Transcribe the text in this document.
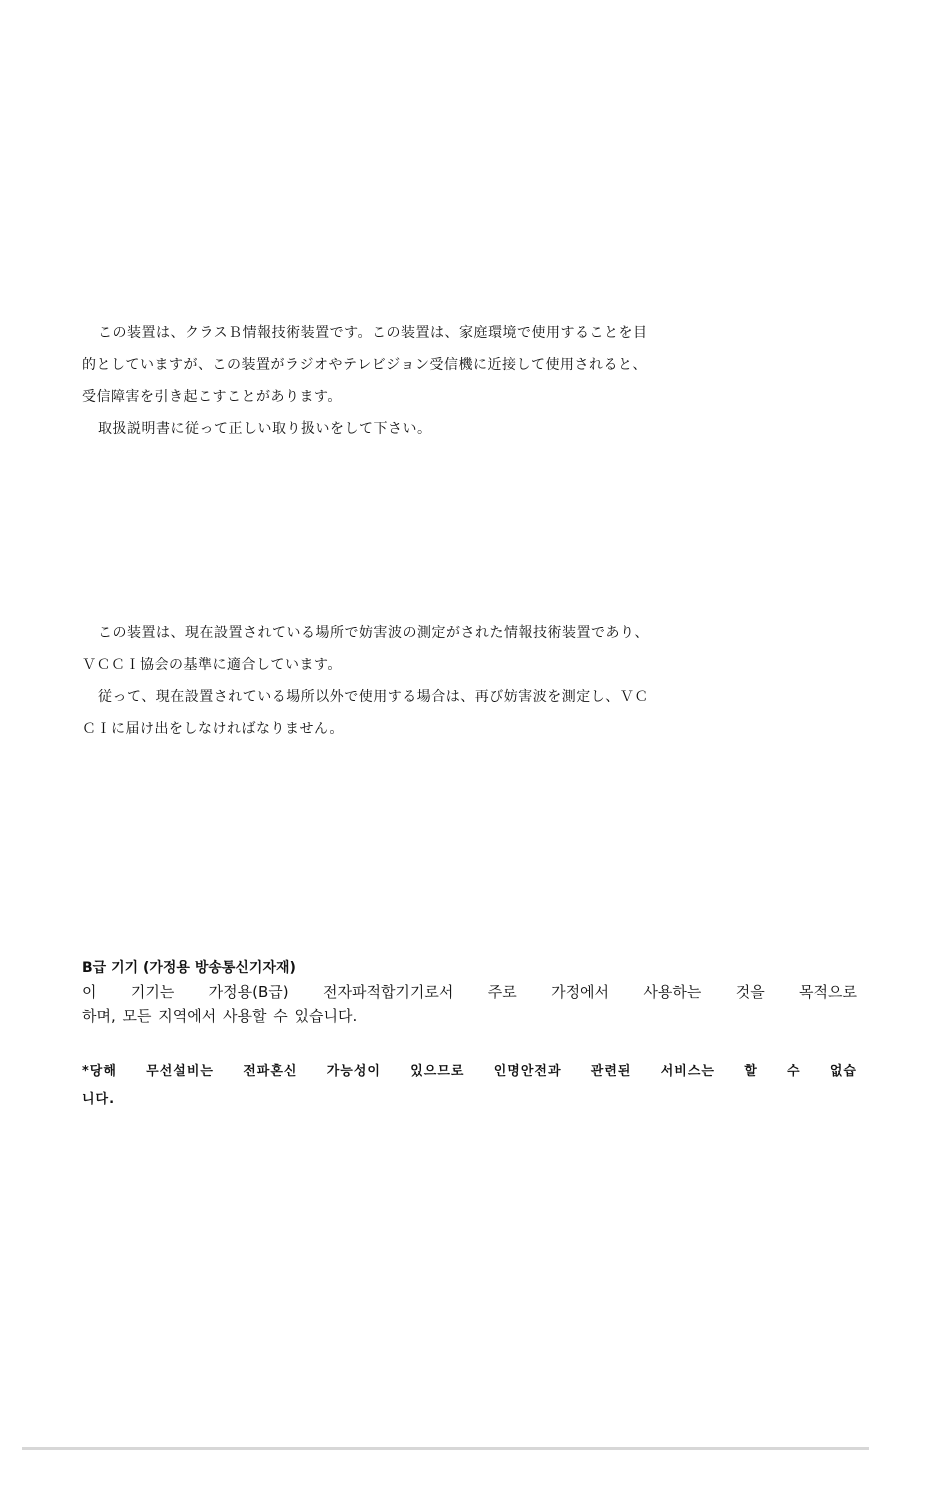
この装置は、クラスＢ情報技術装置です。この装置は、家庭環境で使用することを目
的としていますが、この装置がラジオやテレビジョン受信機に近接して使用されると、
受信障害を引き起こすことがあります。
取扱説明書に従って正しい取り扱いをして下さい。
この装置は、現在設置されている場所で妨害波の測定がされた情報技術装置であり、
ＶＣＣＩ協会の基準に適合しています。
従って、現在設置されている場所以外で使用する場合は、再び妨害波を測定し、ＶＣ
ＣＩに届け出をしなければなりません。
B급 기기 (가정용 방송통신기자재)
이 기기는 가정용(B급) 전자파적합기기로서 주로 가정에서 사용하는 것을 목적으로
하며, 모든 지역에서 사용할 수 있습니다.
*당해 무선설비는 전파혼신 가능성이 있으므로 인명안전과 관련된 서비스는 할 수 없습
니다.
